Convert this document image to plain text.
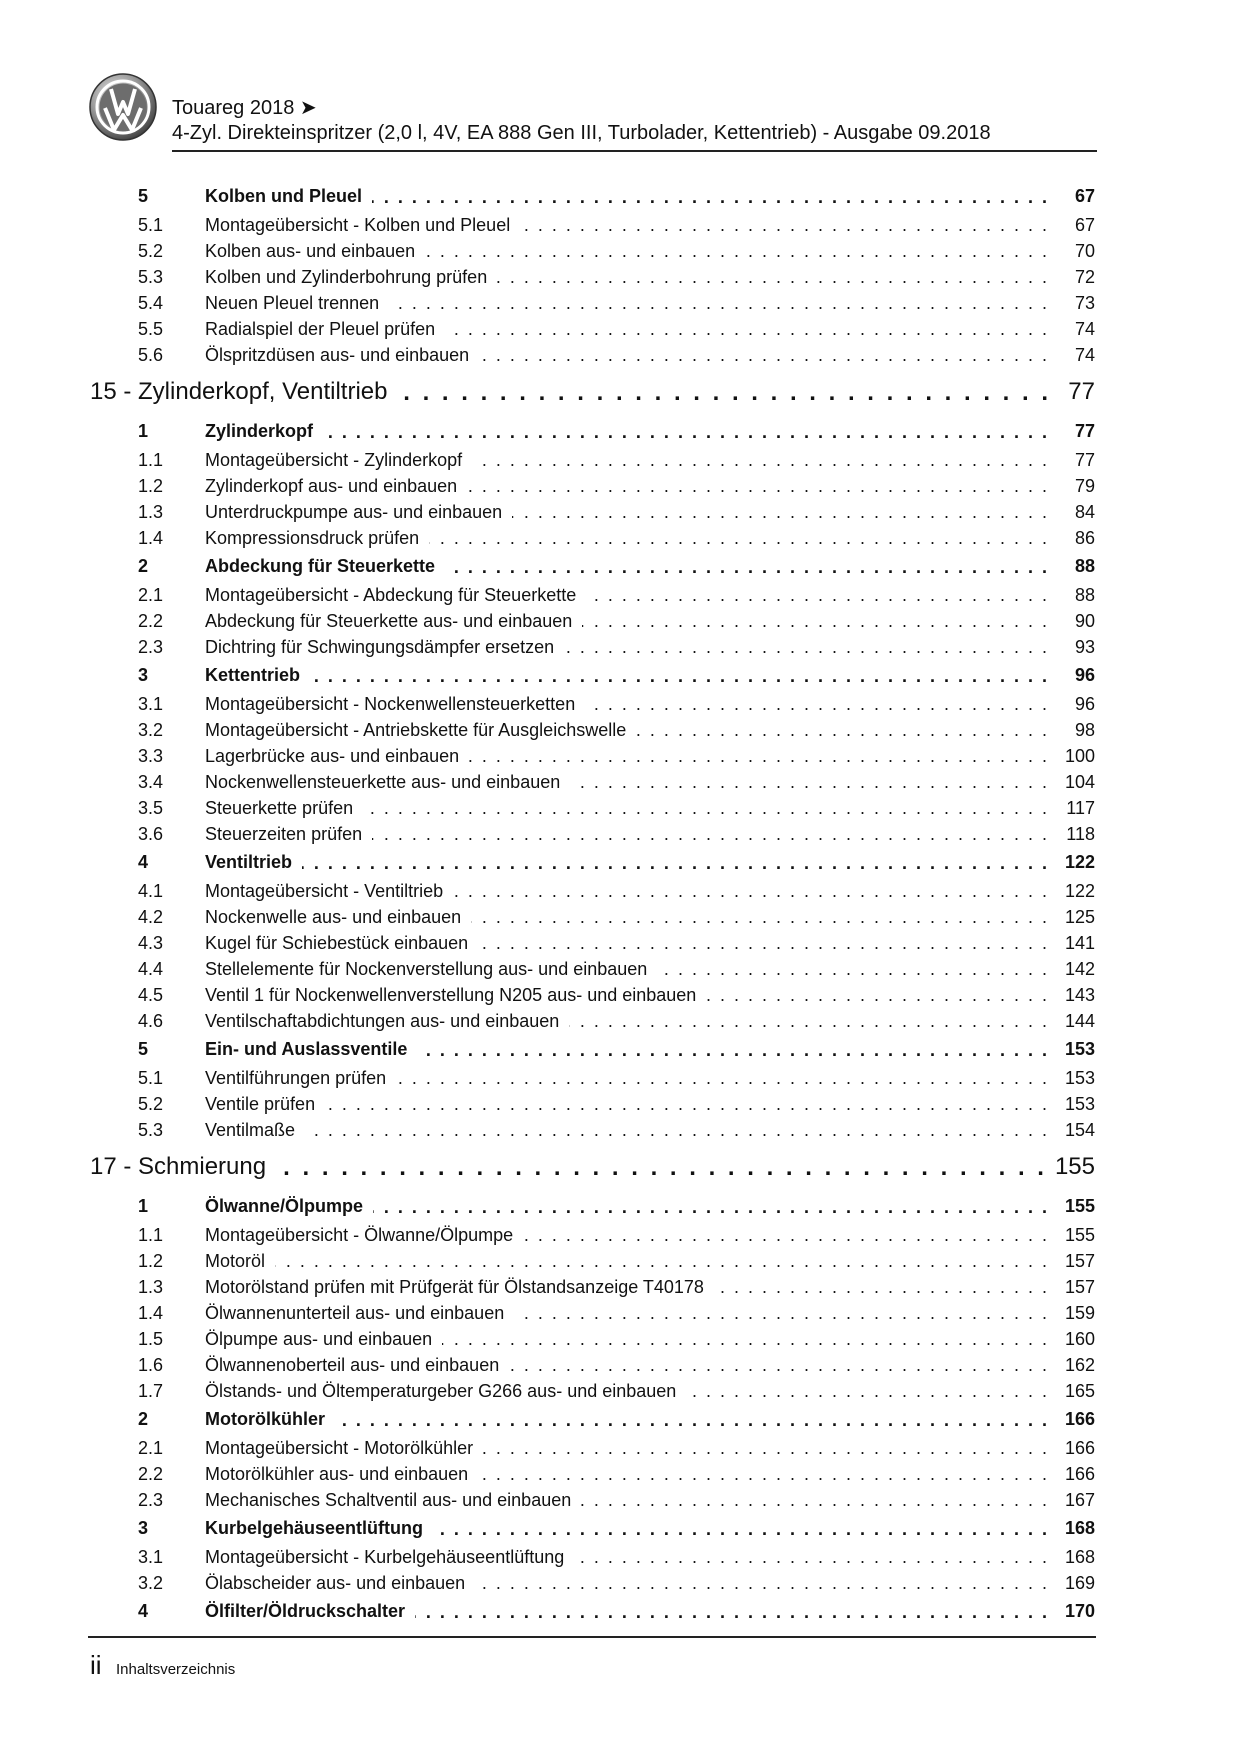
Touareg 2018 ➤
4-Zyl. Direkteinspritzer (2,0 l, 4V, EA 888 Gen III, Turbolader, Kettentrieb) - Ausgabe 09.2018
5	Kolben und Pleuel . . .	67
5.1	Montageübersicht - Kolben und Pleuel . . .	67
5.2	Kolben aus- und einbauen . . .	70
5.3	Kolben und Zylinderbohrung prüfen . . .	72
5.4	Neuen Pleuel trennen . . .	73
5.5	Radialspiel der Pleuel prüfen . . .	74
5.6	Ölspritzdüsen aus- und einbauen . . .	74
15 - Zylinderkopf, Ventiltrieb . . .	77
1	Zylinderkopf . . .	77
1.1	Montageübersicht - Zylinderkopf . . .	77
1.2	Zylinderkopf aus- und einbauen . . .	79
1.3	Unterdruckpumpe aus- und einbauen . . .	84
1.4	Kompressionsdruck prüfen . . .	86
2	Abdeckung für Steuerkette . . .	88
2.1	Montageübersicht - Abdeckung für Steuerkette . . .	88
2.2	Abdeckung für Steuerkette aus- und einbauen . . .	90
2.3	Dichtring für Schwingungsdämpfer ersetzen . . .	93
3	Kettentrieb . . .	96
3.1	Montageübersicht - Nockenwellensteuerketten . . .	96
3.2	Montageübersicht - Antriebskette für Ausgleichswelle . . .	98
3.3	Lagerbrücke aus- und einbauen . . .	100
3.4	Nockenwellensteuerkette aus- und einbauen . . .	104
3.5	Steuerkette prüfen . . .	117
3.6	Steuerzeiten prüfen . . .	118
4	Ventiltrieb . . .	122
4.1	Montageübersicht - Ventiltrieb . . .	122
4.2	Nockenwelle aus- und einbauen . . .	125
4.3	Kugel für Schiebestück einbauen . . .	141
4.4	Stellelemente für Nockenverstellung aus- und einbauen . . .	142
4.5	Ventil 1 für Nockenwellenverstellung N205 aus- und einbauen . . .	143
4.6	Ventilschaftabdichtungen aus- und einbauen . . .	144
5	Ein- und Auslassventile . . .	153
5.1	Ventilführungen prüfen . . .	153
5.2	Ventile prüfen . . .	153
5.3	Ventilmaße . . .	154
17 - Schmierung . . .	155
1	Ölwanne/Ölpumpe . . .	155
1.1	Montageübersicht - Ölwanne/Ölpumpe . . .	155
1.2	Motoröl . . .	157
1.3	Motorölstand prüfen mit Prüfgerät für Ölstandsanzeige T40178 . . .	157
1.4	Ölwannenunterteil aus- und einbauen . . .	159
1.5	Ölpumpe aus- und einbauen . . .	160
1.6	Ölwannenoberteil aus- und einbauen . . .	162
1.7	Ölstands- und Öltemperaturgeber G266 aus- und einbauen . . .	165
2	Motorölkühler . . .	166
2.1	Montageübersicht - Motorölkühler . . .	166
2.2	Motorölkühler aus- und einbauen . . .	166
2.3	Mechanisches Schaltventil aus- und einbauen . . .	167
3	Kurbelgehäuseentlüftung . . .	168
3.1	Montageübersicht - Kurbelgehäuseentlüftung . . .	168
3.2	Ölabscheider aus- und einbauen . . .	169
4	Ölfilter/Öldruckschalter . . .	170
ii Inhaltsverzeichnis
